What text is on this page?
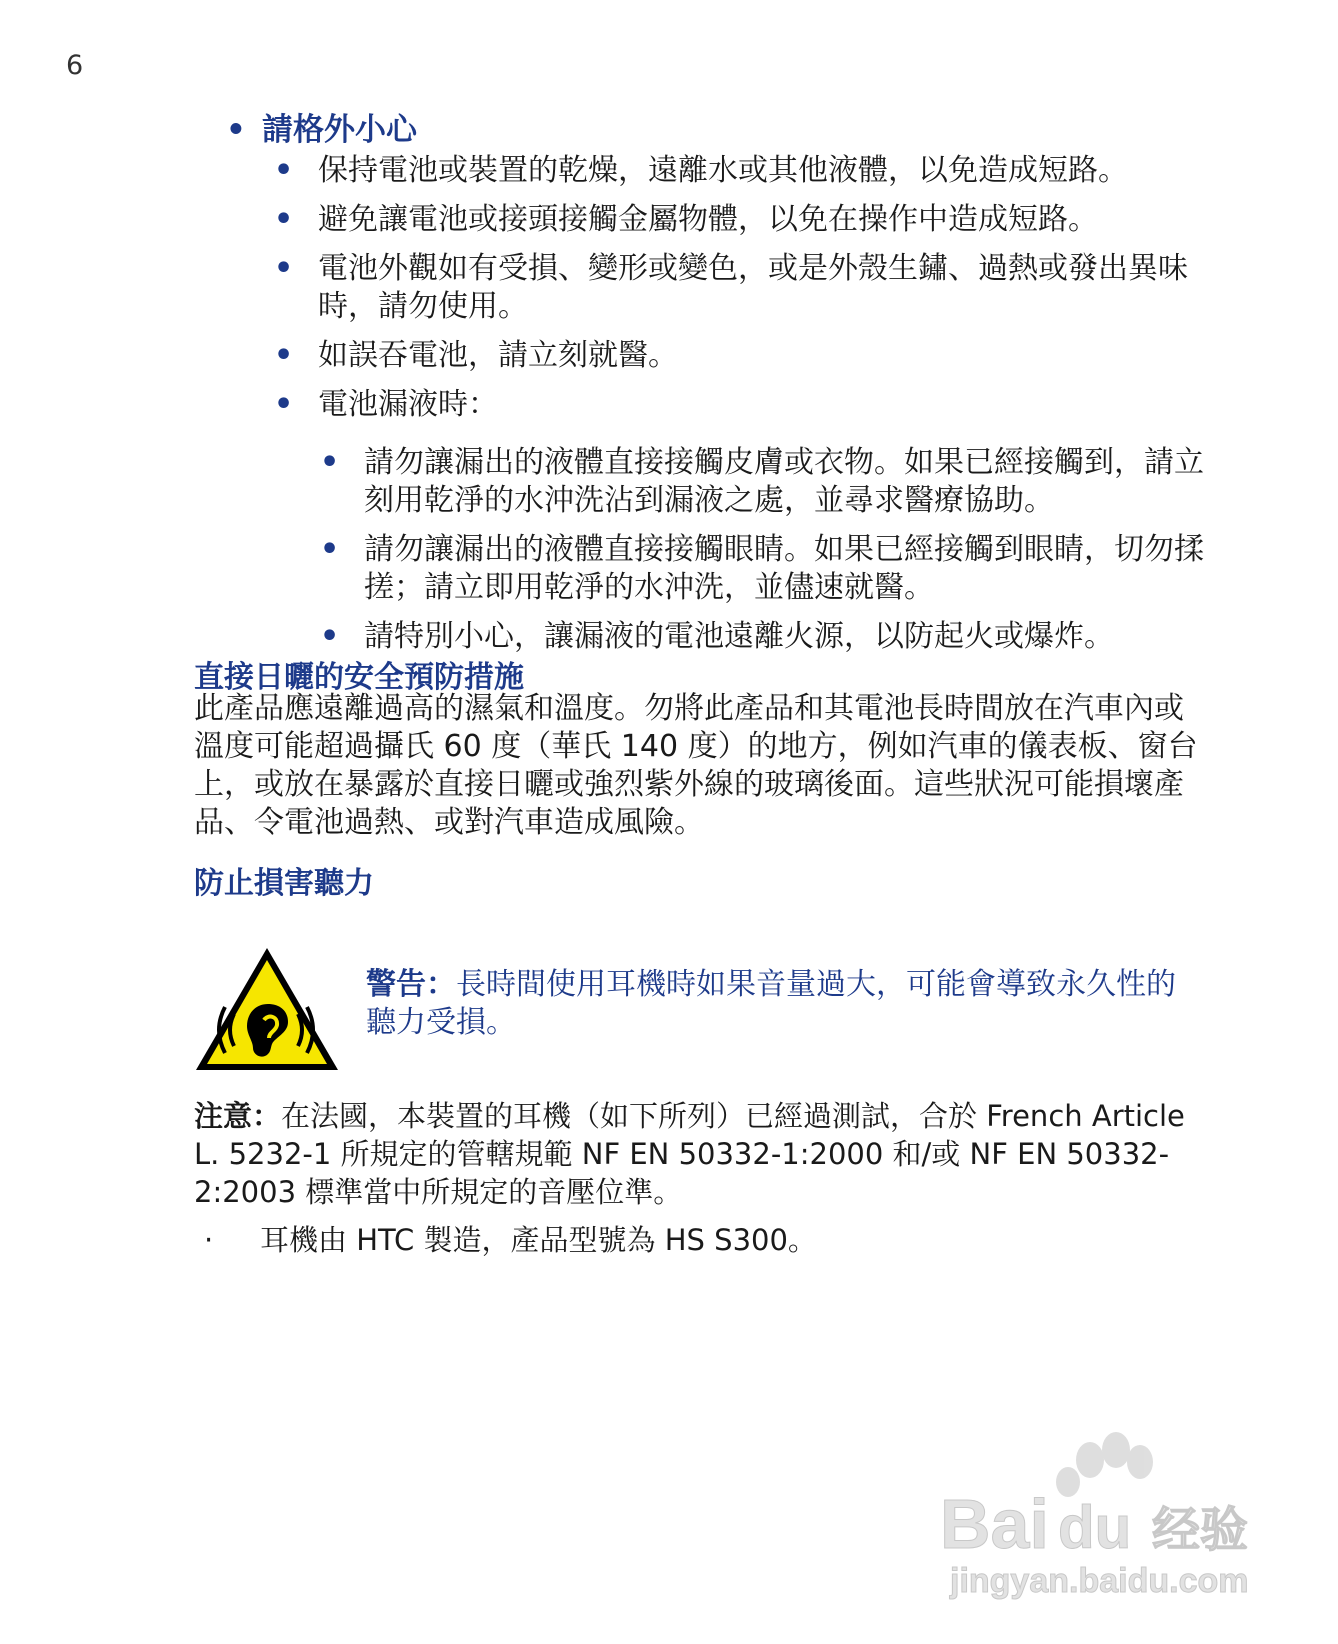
6
• 請格外小心
• 保持電池或裝置的乾燥，遠離水或其他液體，以免造成短路。
• 避免讓電池或接頭接觸金屬物體，以免在操作中造成短路。
• 電池外觀如有受損、變形或變色，或是外殼生鏽、過熱或發出異味時，請勿使用。
• 如誤吞電池，請立刻就醫。
• 電池漏液時：
• 請勿讓漏出的液體直接接觸皮膚或衣物。如果已經接觸到，請立刻用乾淨的水沖洗沾到漏液之處，並尋求醫療協助。
• 請勿讓漏出的液體直接接觸眼睛。如果已經接觸到眼睛，切勿揉搓；請立即用乾淨的水沖洗，並儘速就醫。
• 請特別小心，讓漏液的電池遠離火源，以防起火或爆炸。
直接日曬的安全預防措施
此產品應遠離過高的濕氣和溫度。勿將此產品和其電池長時間放在汽車內或溫度可能超過攝氏 60 度（華氏 140 度）的地方，例如汽車的儀表板、窗台上，或放在暴露於直接日曬或強烈紫外線的玻璃後面。這些狀況可能損壞產品、令電池過熱、或對汽車造成風險。
防止損害聽力
警告：長時間使用耳機時如果音量過大，可能會導致永久性的聽力受損。
注意：在法國，本裝置的耳機（如下所列）已經過測試，合於 French Article L. 5232-1 所規定的管轄規範 NF EN 50332-1:2000 和/或 NF EN 50332-2:2003 標準當中所規定的音壓位準。
· 耳機由 HTC 製造，產品型號為 HS S300。
Bai du 经验
jingyan.baidu.com
